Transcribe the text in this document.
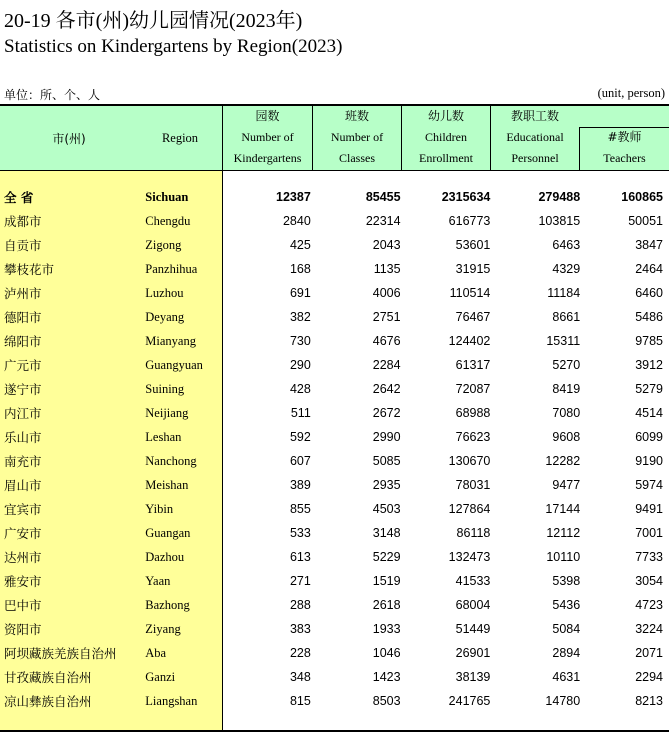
20-19 各市(州)幼儿园情况(2023年)
Statistics on Kindergartens by Region(2023)
单位：所、个、人	(unit, person)
市(州)	Region
园数
Number of
Kindergartens
班数
Number of
Classes
幼儿数
Children
Enrollment
教职工数
Educational
Personnel
#教师
Teachers
全 省	Sichuan	12387	85455	2315634	279488	160865
成都市	Chengdu	2840	22314	616773	103815	50051
自贡市	Zigong	425	2043	53601	6463	3847
攀枝花市	Panzhihua	168	1135	31915	4329	2464
泸州市	Luzhou	691	4006	110514	11184	6460
德阳市	Deyang	382	2751	76467	8661	5486
绵阳市	Mianyang	730	4676	124402	15311	9785
广元市	Guangyuan	290	2284	61317	5270	3912
遂宁市	Suining	428	2642	72087	8419	5279
内江市	Neijiang	511	2672	68988	7080	4514
乐山市	Leshan	592	2990	76623	9608	6099
南充市	Nanchong	607	5085	130670	12282	9190
眉山市	Meishan	389	2935	78031	9477	5974
宜宾市	Yibin	855	4503	127864	17144	9491
广安市	Guangan	533	3148	86118	12112	7001
达州市	Dazhou	613	5229	132473	10110	7733
雅安市	Yaan	271	1519	41533	5398	3054
巴中市	Bazhong	288	2618	68004	5436	4723
资阳市	Ziyang	383	1933	51449	5084	3224
阿坝藏族羌族自治州	Aba	228	1046	26901	2894	2071
甘孜藏族自治州	Ganzi	348	1423	38139	4631	2294
凉山彝族自治州	Liangshan	815	8503	241765	14780	8213
